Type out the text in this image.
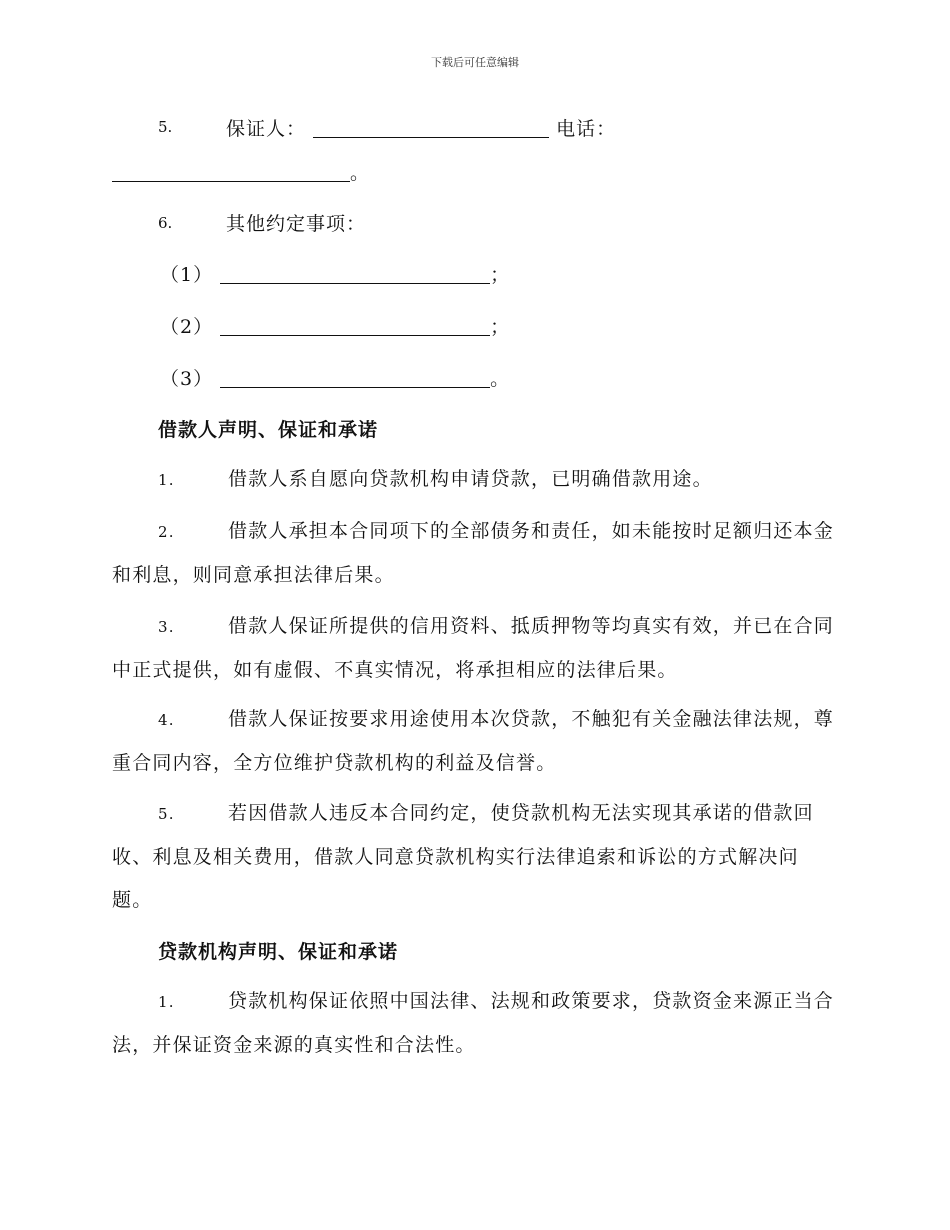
下载后可任意编辑
5.	保证人：	电话：
。
6.	其他约定事项：
（1）	；
（2）	；
（3）	。
借款人声明、保证和承诺
1.	借款人系自愿向贷款机构申请贷款，已明确借款用途。
2.	借款人承担本合同项下的全部债务和责任，如未能按时足额归还本金和利息，则同意承担法律后果。
3.	借款人保证所提供的信用资料、抵质押物等均真实有效，并已在合同中正式提供，如有虚假、不真实情况，将承担相应的法律后果。
4.	借款人保证按要求用途使用本次贷款，不触犯有关金融法律法规，尊重合同内容，全方位维护贷款机构的利益及信誉。
5.	若因借款人违反本合同约定，使贷款机构无法实现其承诺的借款回收、利息及相关费用，借款人同意贷款机构实行法律追索和诉讼的方式解决问题。
贷款机构声明、保证和承诺
1.	贷款机构保证依照中国法律、法规和政策要求，贷款资金来源正当合法，并保证资金来源的真实性和合法性。
